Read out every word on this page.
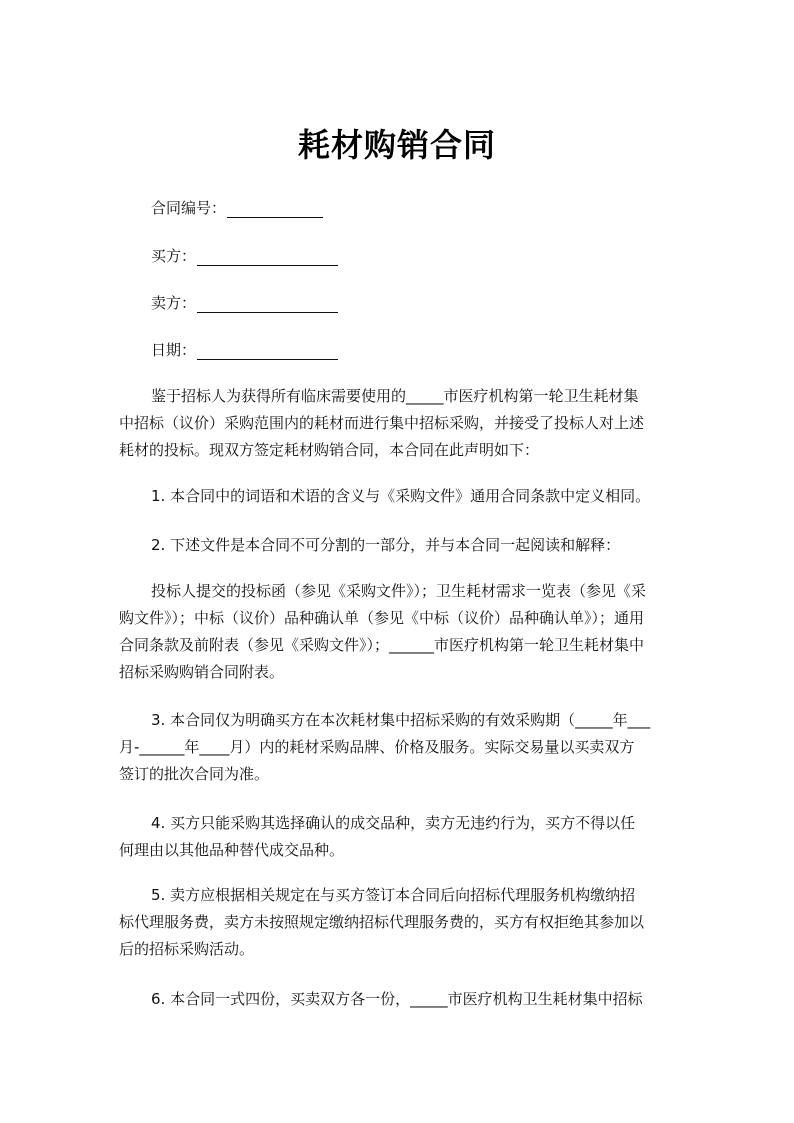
耗材购销合同
合同编号：
买方：
卖方：
日期：

鉴于招标人为获得所有临床需要使用的_____市医疗机构第一轮卫生耗材集
中招标（议价）采购范围内的耗材而进行集中招标采购，并接受了投标人对上述
耗材的投标。现双方签定耗材购销合同，本合同在此声明如下：

1. 本合同中的词语和术语的含义与《采购文件》通用合同条款中定义相同。

2. 下述文件是本合同不可分割的一部分，并与本合同一起阅读和解释：

投标人提交的投标函（参见《采购文件》）；卫生耗材需求一览表（参见《采
购文件》）；中标（议价）品种确认单（参见《中标（议价）品种确认单》）；通用
合同条款及前附表（参见《采购文件》）；______市医疗机构第一轮卫生耗材集中
招标采购购销合同附表。

3. 本合同仅为明确买方在本次耗材集中招标采购的有效采购期（_____年___
月-______年____月）内的耗材采购品牌、价格及服务。实际交易量以买卖双方
签订的批次合同为准。

4. 买方只能采购其选择确认的成交品种，卖方无违约行为，买方不得以任
何理由以其他品种替代成交品种。

5. 卖方应根据相关规定在与买方签订本合同后向招标代理服务机构缴纳招
标代理服务费，卖方未按照规定缴纳招标代理服务费的，买方有权拒绝其参加以
后的招标采购活动。

6. 本合同一式四份，买卖双方各一份，_____市医疗机构卫生耗材集中招标
